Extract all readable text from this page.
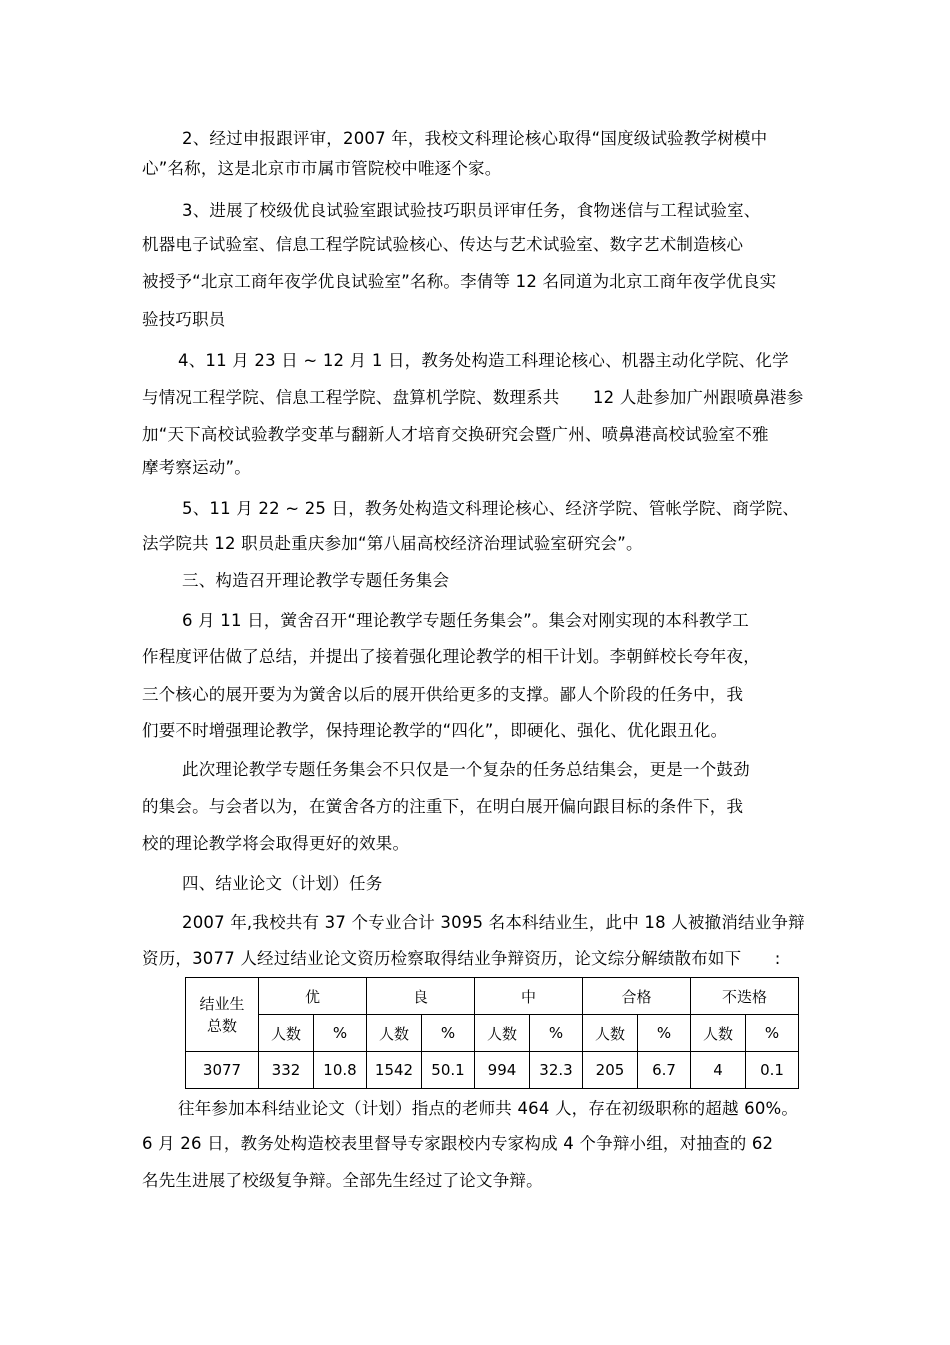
2、经过申报跟评审，2007 年，我校文科理论核心取得“国度级试验教学树模中
心”名称，这是北京市市属市管院校中唯逐个家。
3、进展了校级优良试验室跟试验技巧职员评审任务，食物迷信与工程试验室、
机器电子试验室、信息工程学院试验核心、传达与艺术试验室、数字艺术制造核心
被授予“北京工商年夜学优良试验室”名称。李倩等 12 名同道为北京工商年夜学优良实
验技巧职员
4、11 月 23 日 ~ 12 月 1 日，教务处构造工科理论核心、机器主动化学院、化学
与情况工程学院、信息工程学院、盘算机学院、数理系共　　12 人赴参加广州跟喷鼻港参
加“天下高校试验教学变革与翻新人才培育交换研究会暨广州、喷鼻港高校试验室不雅
摩考察运动”。
5、11 月 22 ~ 25 日，教务处构造文科理论核心、经济学院、管帐学院、商学院、
法学院共 12 职员赴重庆参加“第八届高校经济治理试验室研究会”。
三、构造召开理论教学专题任务集会
6 月 11 日，黉舍召开“理论教学专题任务集会”。集会对刚实现的本科教学工
作程度评估做了总结，并提出了接着强化理论教学的相干计划。李朝鲜校长夸年夜，
三个核心的展开要为为黉舍以后的展开供给更多的支撑。鄙人个阶段的任务中，我
们要不时增强理论教学，保持理论教学的“四化”，即硬化、强化、优化跟丑化。
此次理论教学专题任务集会不只仅是一个复杂的任务总结集会，更是一个鼓劲
的集会。与会者以为，在黉舍各方的注重下，在明白展开偏向跟目标的条件下，我
校的理论教学将会取得更好的效果。
四、结业论文（计划）任务
2007 年,我校共有 37 个专业合计 3095 名本科结业生，此中 18 人被撤消结业争辩
资历，3077 人经过结业论文资历检察取得结业争辩资历，论文综分解绩散布如下　　:
结业生总数	优		良		中		合格		不迭格	
	人数	%	人数	%	人数	%	人数	%	人数	%
3077	332	10.8	1542	50.1	994	32.3	205	6.7	4	0.1
往年参加本科结业论文（计划）指点的老师共 464 人，存在初级职称的超越 60%。
6 月 26 日，教务处构造校表里督导专家跟校内专家构成 4 个争辩小组，对抽查的 62
名先生进展了校级复争辩。全部先生经过了论文争辩。
